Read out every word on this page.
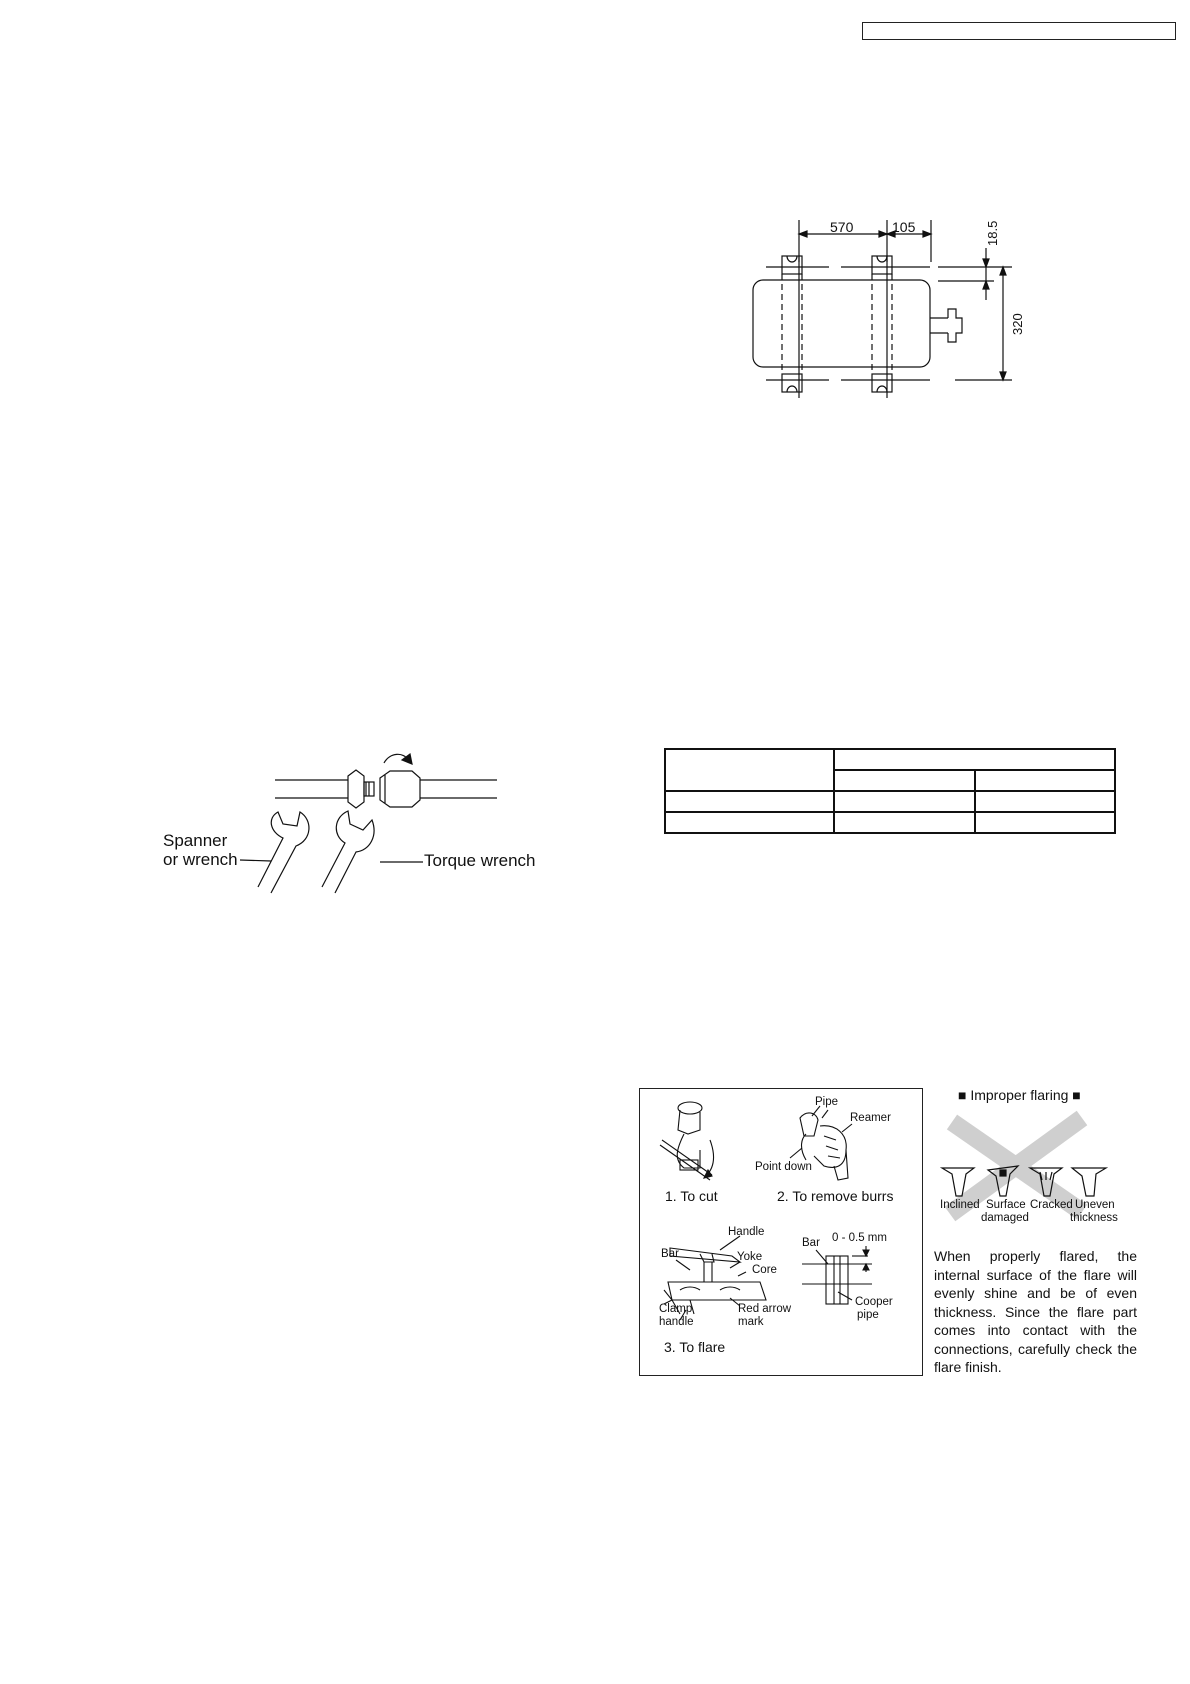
570	105	18.5
320
Spanner
or wrench	Torque wrench

Pipe
Reamer
Point down
1. To cut	2. To remove burrs
Handle
Bar	Yoke
Core
Clamp
handle
Red arrow
mark
Bar 0 - 0.5 mm
Cooper
pipe
3. To flare
■ Improper flaring ■
Inclined Surface
damaged
Cracked Uneven
thickness
When properly flared, the internal surface of the flare will evenly shine and be of even thickness. Since the flare part comes into contact with the connections, carefully check the flare finish.
